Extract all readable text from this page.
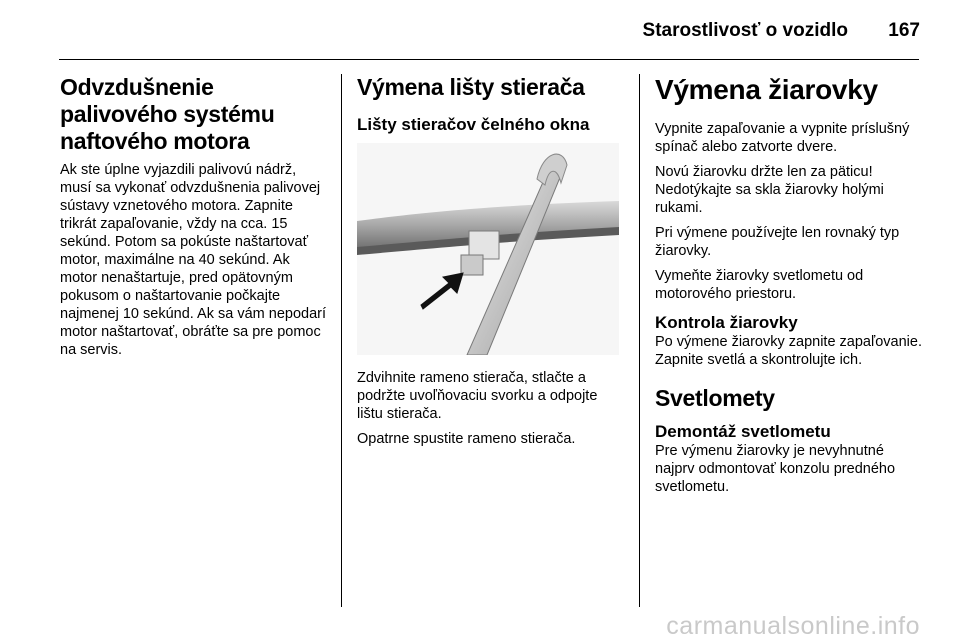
Starostlivosť o vozidlo 167
Odvzdušnenie palivového systému naftového motora
Ak ste úplne vyjazdili palivovú nádrž, musí sa vykonať odvzdušnenia palivovej sústavy vznetového motora. Zapnite trikrát zapaľovanie, vždy na cca. 15 sekúnd. Potom sa pokúste naštartovať motor, maximálne na 40 sekúnd. Ak motor nenaštartuje, pred opätovným pokusom o naštartovanie počkajte najmenej 10 sekúnd. Ak sa vám nepodarí motor naštartovať, obráťte sa pre pomoc na servis.
Výmena lišty stierača
Lišty stieračov čelného okna
Zdvihnite rameno stierača, stlačte a podržte uvoľňovaciu svorku a odpojte lištu stierača.
Opatrne spustite rameno stierača.
Výmena žiarovky
Vypnite zapaľovanie a vypnite príslušný spínač alebo zatvorte dvere.
Novú žiarovku držte len za päticu! Nedotýkajte sa skla žiarovky holými rukami.
Pri výmene používejte len rovnaký typ žiarovky.
Vymeňte žiarovky svetlometu od motorového priestoru.
Kontrola žiarovky
Po výmene žiarovky zapnite zapaľovanie. Zapnite svetlá a skontrolujte ich.
Svetlomety
Demontáž svetlometu
Pre výmenu žiarovky je nevyhnutné najprv odmontovať konzolu predného svetlometu.
carmanualsonline.info
